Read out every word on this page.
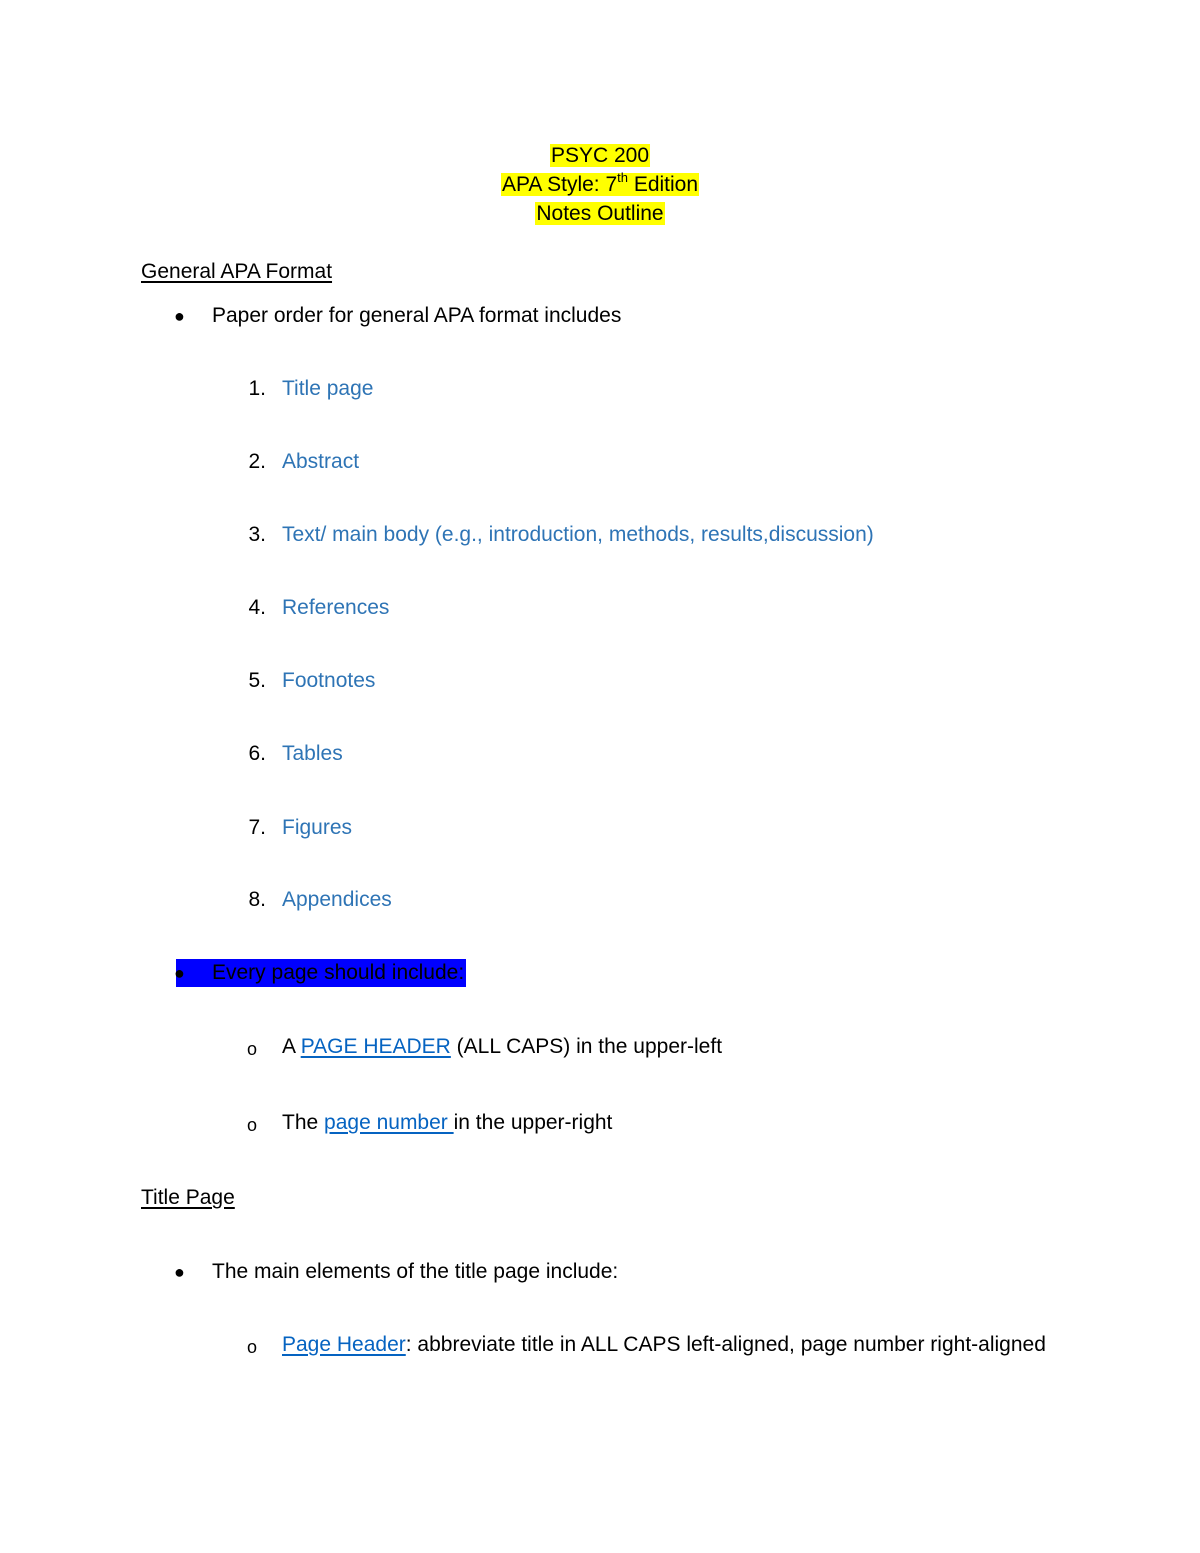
PSYC 200
APA Style: 7th Edition
Notes Outline
General APA Format
● Paper order for general APA format includes
1. Title page
2. Abstract
3. Text/ main body (e.g., introduction, methods, results,discussion)
4. References
5. Footnotes
6. Tables
7. Figures
8. Appendices
● Every page should include:
o A PAGE HEADER (ALL CAPS) in the upper-left
o The page number in the upper-right
Title Page
● The main elements of the title page include:
o Page Header: abbreviate title in ALL CAPS left-aligned, page number right-aligned
